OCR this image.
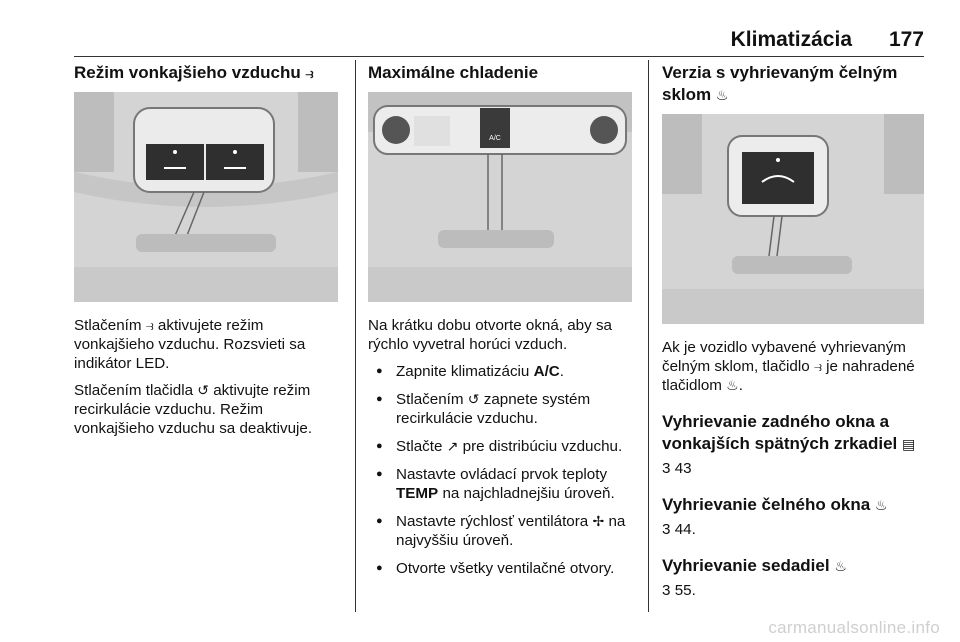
Klimatizácia 177
Režim vonkajšieho vzduchu ⥽

Stlačením ⥽ aktivujete režim vonkajšieho vzduchu. Rozsvieti sa indikátor LED.

Stlačením tlačidla ↺ aktivujte režim recirkulácie vzduchu. Režim vonkajšieho vzduchu sa deaktivuje.

Maximálne chladenie
A/C

Na krátku dobu otvorte okná, aby sa rýchlo vyvetral horúci vzduch.

● Zapnite klimatizáciu A/C.
● Stlačením ↺ zapnete systém recirkulácie vzduchu.
● Stlačte ↗ pre distribúciu vzduchu.
● Nastavte ovládací prvok teploty TEMP na najchladnejšiu úroveň.
● Nastavte rýchlosť ventilátora ✢ na najvyššiu úroveň.
● Otvorte všetky ventilačné otvory.
Verzia s vyhrievaným čelným sklom ♨

Ak je vozidlo vybavené vyhrievaným čelným sklom, tlačidlo ⥽ je nahradené tlačidlom ♨.

Vyhrievanie zadného okna a vonkajších spätných zrkadiel ▤

3 43

Vyhrievanie čelného okna ♨

3 44.

Vyhrievanie sedadiel ♨

3 55.

carmanualsonline.info
